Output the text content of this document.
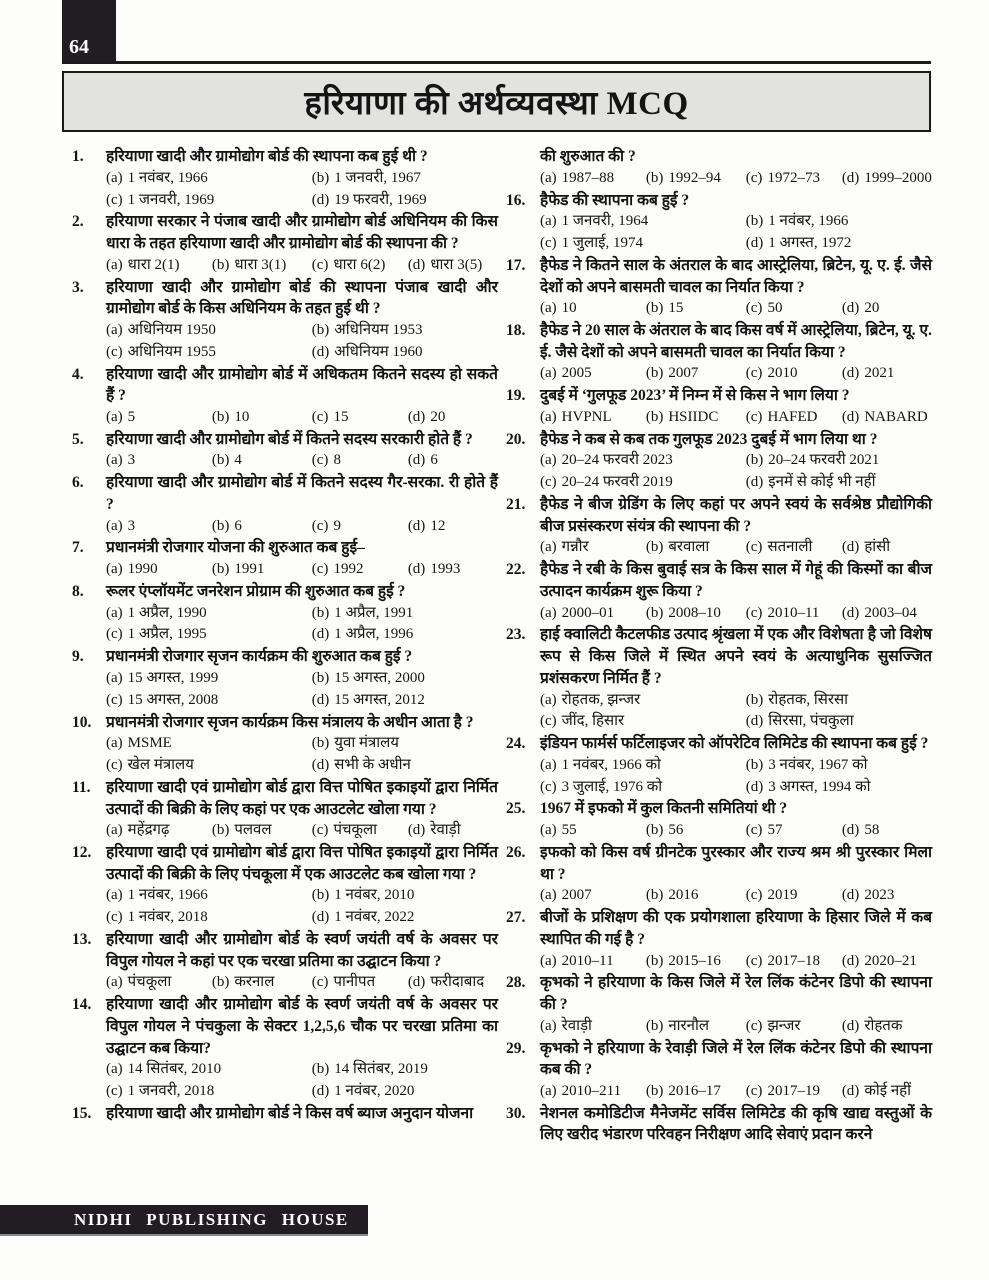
64
हरियाणा की अर्थव्यवस्था MCQ
1.	हरियाणा खादी और ग्रामोद्योग बोर्ड की स्थापना कब हुई थी ?
(a) 1 नवंबर, 1966	(b) 1 जनवरी, 1967
(c) 1 जनवरी, 1969	(d) 19 फरवरी, 1969
2.	हरियाणा सरकार ने पंजाब खादी और ग्रामोद्योग बोर्ड अधिनियम की किस धारा के तहत हरियाणा खादी और ग्रामोद्योग बोर्ड की स्थापना की ?
(a) धारा 2(1)	(b) धारा 3(1)	(c) धारा 6(2)	(d) धारा 3(5)
3.	हरियाणा खादी और ग्रामोद्योग बोर्ड की स्थापना पंजाब खादी और ग्रामोद्योग बोर्ड के किस अधिनियम के तहत हुई थी ?
(a) अधिनियम 1950	(b) अधिनियम 1953
(c) अधिनियम 1955	(d) अधिनियम 1960
4.	हरियाणा खादी और ग्रामोद्योग बोर्ड में अधिकतम कितने सदस्य हो सकते हैं ?
(a) 5	(b) 10	(c) 15	(d) 20
5.	हरियाणा खादी और ग्रामोद्योग बोर्ड में कितने सदस्य सरकारी होते हैं ?
(a) 3	(b) 4	(c) 8	(d) 6
6.	हरियाणा खादी और ग्रामोद्योग बोर्ड में कितने सदस्य गैर-सरका. री होते हैं ?
(a) 3	(b) 6	(c) 9	(d) 12
7.	प्रधानमंत्री रोजगार योजना की शुरुआत कब हुई–
(a) 1990	(b) 1991	(c) 1992	(d) 1993
8.	रूलर एंप्लॉयमेंट जनरेशन प्रोग्राम की शुरुआत कब हुई ?
(a) 1 अप्रैल, 1990	(b) 1 अप्रैल, 1991
(c) 1 अप्रैल, 1995	(d) 1 अप्रैल, 1996
9.	प्रधानमंत्री रोजगार सृजन कार्यक्रम की शुरुआत कब हुई ?
(a) 15 अगस्त, 1999	(b) 15 अगस्त, 2000
(c) 15 अगस्त, 2008	(d) 15 अगस्त, 2012
10. प्रधानमंत्री रोजगार सृजन कार्यक्रम किस मंत्रालय के अधीन आता है ?
(a) MSME	(b) युवा मंत्रालय
(c) खेल मंत्रालय	(d) सभी के अधीन
11. हरियाणा खादी एवं ग्रामोद्योग बोर्ड द्वारा वित्त पोषित इकाइयों द्वारा निर्मित उत्पादों की बिक्री के लिए कहां पर एक आउटलेट खोला गया ?
(a) महेंद्रगढ़	(b) पलवल	(c) पंचकूला	(d) रेवाड़ी
12. हरियाणा खादी एवं ग्रामोद्योग बोर्ड द्वारा वित्त पोषित इकाइयों द्वारा निर्मित उत्पादों की बिक्री के लिए पंचकूला में एक आउटलेट कब खोला गया ?
(a) 1 नवंबर, 1966	(b) 1 नवंबर, 2010
(c) 1 नवंबर, 2018	(d) 1 नवंबर, 2022
13. हरियाणा खादी और ग्रामोद्योग बोर्ड के स्वर्ण जयंती वर्ष के अवसर पर विपुल गोयल ने कहां पर एक चरखा प्रतिमा का उद्घाटन किया ?
(a) पंचकूला	(b) करनाल	(c) पानीपत	(d) फरीदाबाद
14. हरियाणा खादी और ग्रामोद्योग बोर्ड के स्वर्ण जयंती वर्ष के अवसर पर विपुल गोयल ने पंचकुला के सेक्टर 1,2,5,6 चौक पर चरखा प्रतिमा का उद्घाटन कब किया?
(a) 14 सितंबर, 2010	(b) 14 सितंबर, 2019
(c) 1 जनवरी, 2018	(d) 1 नवंबर, 2020
15. हरियाणा खादी और ग्रामोद्योग बोर्ड ने किस वर्ष ब्याज अनुदान योजना
की शुरुआत की ?
(a) 1987–88	(b) 1992–94	(c) 1972–73	(d) 1999–2000
16. हैफेड की स्थापना कब हुई ?
(a) 1 जनवरी, 1964	(b) 1 नवंबर, 1966
(c) 1 जुलाई, 1974	(d) 1 अगस्त, 1972
17. हैफेड ने कितने साल के अंतराल के बाद आस्ट्रेलिया, ब्रिटेन, यू. ए. ई. जैसे देशों को अपने बासमती चावल का निर्यात किया ?
(a) 10	(b) 15	(c) 50	(d) 20
18. हैफेड ने 20 साल के अंतराल के बाद किस वर्ष में आस्ट्रेलिया, ब्रिटेन, यू. ए. ई. जैसे देशों को अपने बासमती चावल का निर्यात किया ?
(a) 2005	(b) 2007	(c) 2010	(d) 2021
19. दुबई में ‘गुलफूड 2023’ में निम्न में से किस ने भाग लिया ?
(a) HVPNL	(b) HSIIDC	(c) HAFED	(d) NABARD
20. हैफेड ने कब से कब तक गुलफूड 2023 दुबई में भाग लिया था ?
(a) 20–24 फरवरी 2023	(b) 20–24 फरवरी 2021
(c) 20–24 फरवरी 2019	(d) इनमें से कोई भी नहीं
21. हैफेड ने बीज ग्रेडिंग के लिए कहां पर अपने स्वयं के सर्वश्रेष्ठ प्रौद्योगिकी बीज प्रसंस्करण संयंत्र की स्थापना की ?
(a) गन्नौर	(b) बरवाला	(c) सतनाली	(d) हांसी
22. हैफेड ने रबी के किस बुवाई सत्र के किस साल में गेहूं की किस्मों का बीज उत्पादन कार्यक्रम शुरू किया ?
(a) 2000–01	(b) 2008–10	(c) 2010–11	(d) 2003–04
23. हाई क्वालिटी कैटलफीड उत्पाद श्रृंखला में एक और विशेषता है जो विशेष रूप से किस जिले में स्थित अपने स्वयं के अत्याधुनिक सुसज्जित प्रशंसकरण निर्मित हैं ?
(a) रोहतक, झन्जर	(b) रोहतक, सिरसा
(c) जींद, हिसार	(d) सिरसा, पंचकुला
24. इंडियन फार्मर्स फर्टिलाइजर को ऑपरेटिव लिमिटेड की स्थापना कब हुई ?
(a) 1 नवंबर, 1966 को	(b) 3 नवंबर, 1967 को
(c) 3 जुलाई, 1976 को	(d) 3 अगस्त, 1994 को
25. 1967 में इफको में कुल कितनी समितियां थी ?
(a) 55	(b) 56	(c) 57	(d) 58
26. इफको को किस वर्ष ग्रीनटेक पुरस्कार और राज्य श्रम श्री पुरस्कार मिला था ?
(a) 2007	(b) 2016	(c) 2019	(d) 2023
27. बीजों के प्रशिक्षण की एक प्रयोगशाला हरियाणा के हिसार जिले में कब स्थापित की गई है ?
(a) 2010–11	(b) 2015–16	(c) 2017–18	(d) 2020–21
28. कृभको ने हरियाणा के किस जिले में रेल लिंक कंटेनर डिपो की स्थापना की ?
(a) रेवाड़ी	(b) नारनौल	(c) झन्जर	(d) रोहतक
29. कृभको ने हरियाणा के रेवाड़ी जिले में रेल लिंक कंटेनर डिपो की स्थापना कब की ?
(a) 2010–211	(b) 2016–17	(c) 2017–19	(d) कोई नहीं
30. नेशनल कमोडिटीज मैनेजमेंट सर्विस लिमिटेड की कृषि खाद्य वस्तुओं के लिए खरीद भंडारण परिवहन निरीक्षण आदि सेवाएं प्रदान करने
NIDHI PUBLISHING HOUSE
